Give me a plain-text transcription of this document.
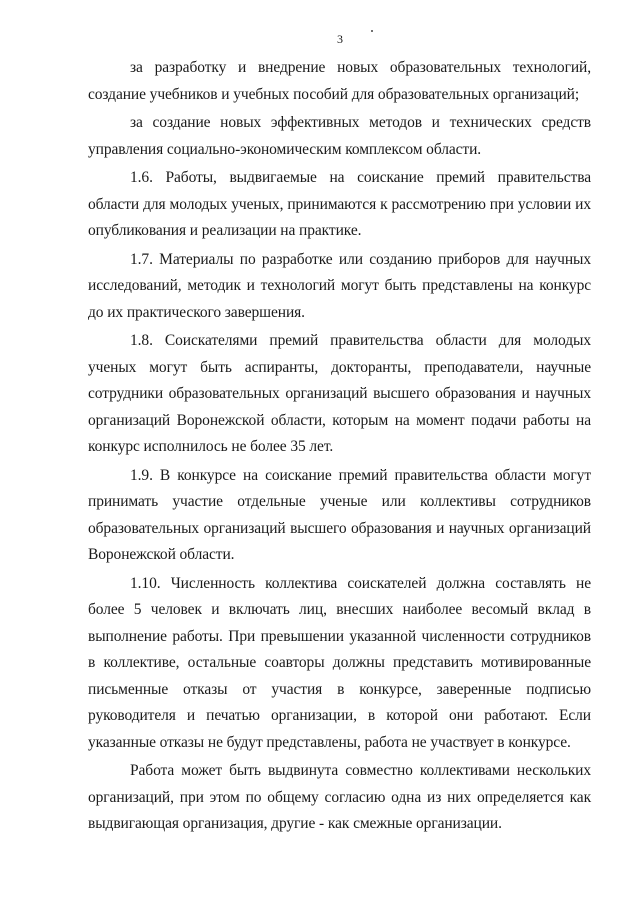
3

за разработку и внедрение новых образовательных технологий, создание учебников и учебных пособий для образовательных организаций;

за создание новых эффективных методов и технических средств управления социально-экономическим комплексом области.

1.6. Работы, выдвигаемые на соискание премий правительства области для молодых ученых, принимаются к рассмотрению при условии их опубликования и реализации на практике.

1.7. Материалы по разработке или созданию приборов для научных исследований, методик и технологий могут быть представлены на конкурс до их практического завершения.

1.8. Соискателями премий правительства области для молодых ученых могут быть аспиранты, докторанты, преподаватели, научные сотрудники образовательных организаций высшего образования и научных организаций Воронежской области, которым на момент подачи работы на конкурс исполнилось не более 35 лет.

1.9. В конкурсе на соискание премий правительства области могут принимать участие отдельные ученые или коллективы сотрудников образовательных организаций высшего образования и научных организаций Воронежской области.

1.10. Численность коллектива соискателей должна составлять не более 5 человек и включать лиц, внесших наиболее весомый вклад в выполнение работы. При превышении указанной численности сотрудников в коллективе, остальные соавторы должны представить мотивированные письменные отказы от участия в конкурсе, заверенные подписью руководителя и печатью организации, в которой они работают. Если указанные отказы не будут представлены, работа не участвует в конкурсе.

Работа может быть выдвинута совместно коллективами нескольких организаций, при этом по общему согласию одна из них определяется как выдвигающая организация, другие - как смежные организации.
